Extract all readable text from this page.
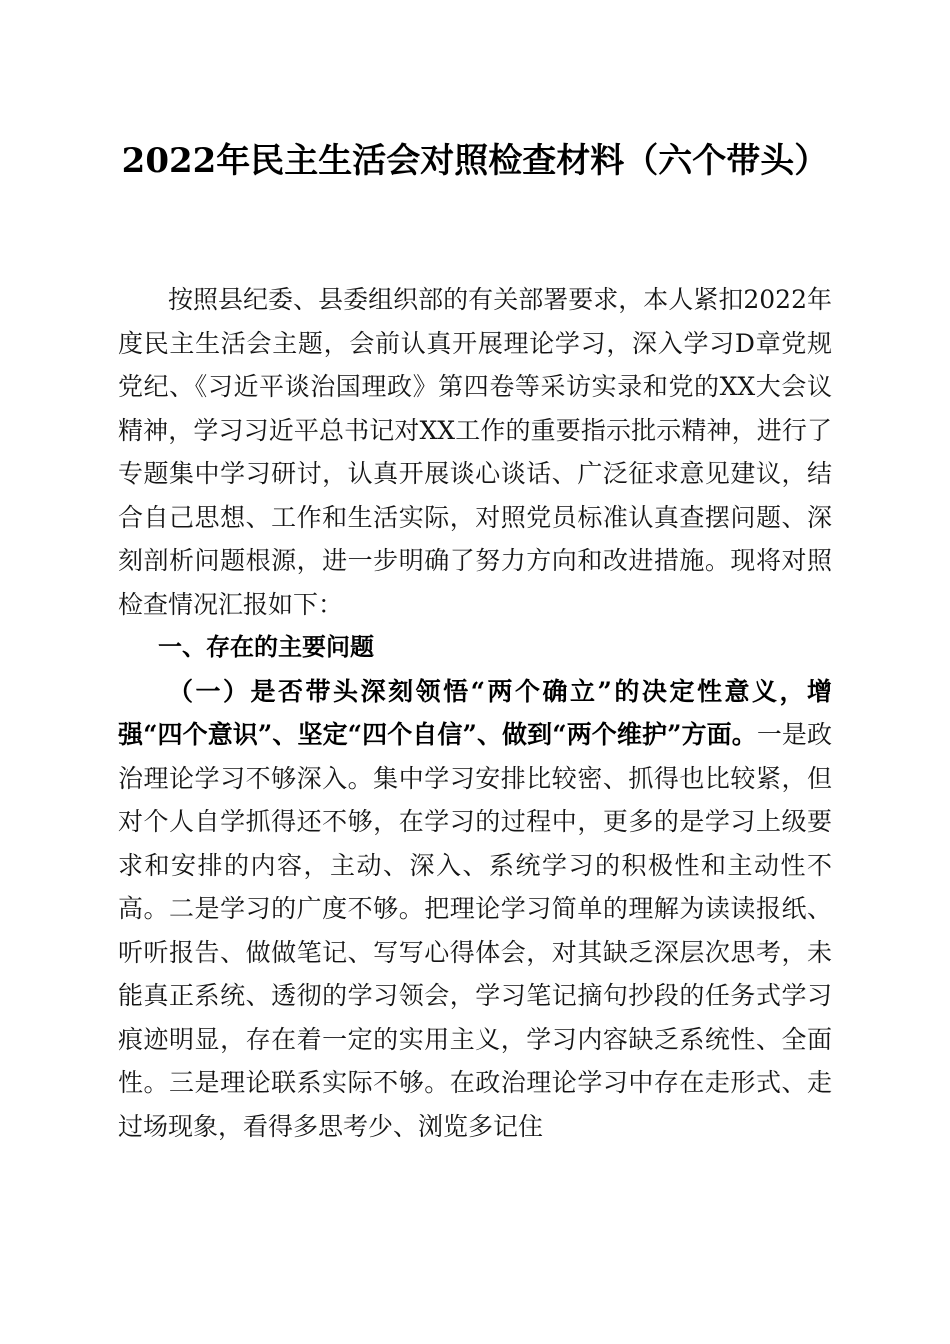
2022年民主生活会对照检查材料（六个带头）

按照县纪委、县委组织部的有关部署要求，本人紧扣2022年度民主生活会主题，会前认真开展理论学习，深入学习D章党规党纪、《习近平谈治国理政》第四卷等采访实录和党的XX大会议精神，学习习近平总书记对XX工作的重要指示批示精神，进行了专题集中学习研讨，认真开展谈心谈话、广泛征求意见建议，结合自己思想、工作和生活实际，对照党员标准认真查摆问题、深刻剖析问题根源，进一步明确了努力方向和改进措施。现将对照检查情况汇报如下：

一、存在的主要问题

（一）是否带头深刻领悟“两个确立”的决定性意义，增强“四个意识”、坚定“四个自信”、做到“两个维护”方面。一是政治理论学习不够深入。集中学习安排比较密、抓得也比较紧，但对个人自学抓得还不够，在学习的过程中，更多的是学习上级要求和安排的内容，主动、深入、系统学习的积极性和主动性不高。二是学习的广度不够。把理论学习简单的理解为读读报纸、听听报告、做做笔记、写写心得体会，对其缺乏深层次思考，未能真正系统、透彻的学习领会，学习笔记摘句抄段的任务式学习痕迹明显，存在着一定的实用主义，学习内容缺乏系统性、全面性。三是理论联系实际不够。在政治理论学习中存在走形式、走过场现象，看得多思考少、浏览多记住
